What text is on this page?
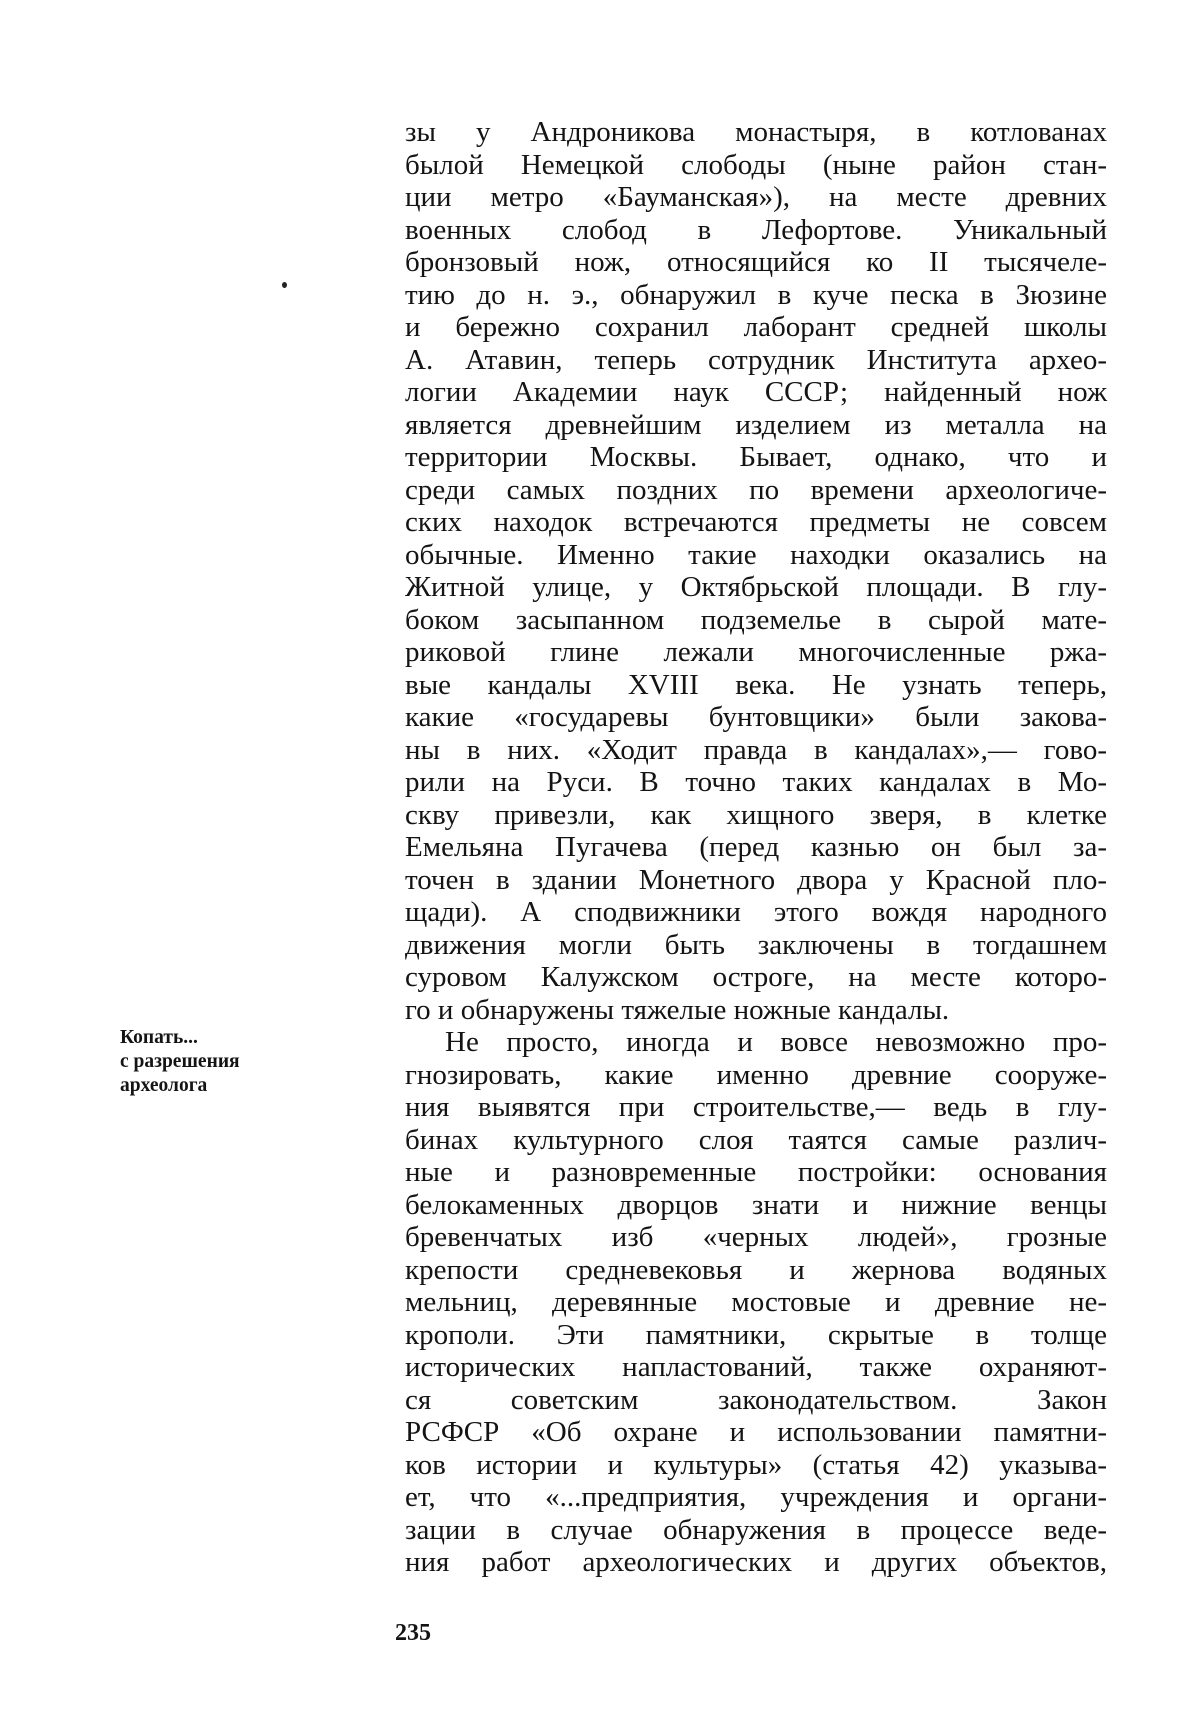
зы у Андроникова монастыря, в котлованах
былой Немецкой слободы (ныне район стан-
ции метро «Бауманская»), на месте древних
военных слобод в Лефортове. Уникальный
бронзовый нож, относящийся ко II тысячеле-
тию до н. э., обнаружил в куче песка в Зюзине
и бережно сохранил лаборант средней школы
А. Атавин, теперь сотрудник Института архео-
логии Академии наук СССР; найденный нож
является древнейшим изделием из металла на
территории Москвы. Бывает, однако, что и
среди самых поздних по времени археологиче-
ских находок встречаются предметы не совсем
обычные. Именно такие находки оказались на
Житной улице, у Октябрьской площади. В глу-
боком засыпанном подземелье в сырой мате-
риковой глине лежали многочисленные ржа-
вые кандалы XVIII века. Не узнать теперь,
какие «государевы бунтовщики» были закова-
ны в них. «Ходит правда в кандалах»,— гово-
рили на Руси. В точно таких кандалах в Мо-
скву привезли, как хищного зверя, в клетке
Емельяна Пугачева (перед казнью он был за-
точен в здании Монетного двора у Красной пло-
щади). А сподвижники этого вождя народного
движения могли быть заключены в тогдашнем
суровом Калужском остроге, на месте которо-
го и обнаружены тяжелые ножные кандалы.
Не просто, иногда и вовсе невозможно про-
гнозировать, какие именно древние сооруже-
ния выявятся при строительстве,— ведь в глу-
бинах культурного слоя таятся самые различ-
ные и разновременные постройки: основания
белокаменных дворцов знати и нижние венцы
бревенчатых изб «черных людей», грозные
крепости средневековья и жернова водяных
мельниц, деревянные мостовые и древние не-
крополи. Эти памятники, скрытые в толще
исторических напластований, также охраняют-
ся советским законодательством. Закон
РСФСР «Об охране и использовании памятни-
ков истории и культуры» (статья 42) указыва-
ет, что «...предприятия, учреждения и органи-
зации в случае обнаружения в процессе веде-
ния работ археологических и других объектов,
Копать...
с разрешения
археолога
235
